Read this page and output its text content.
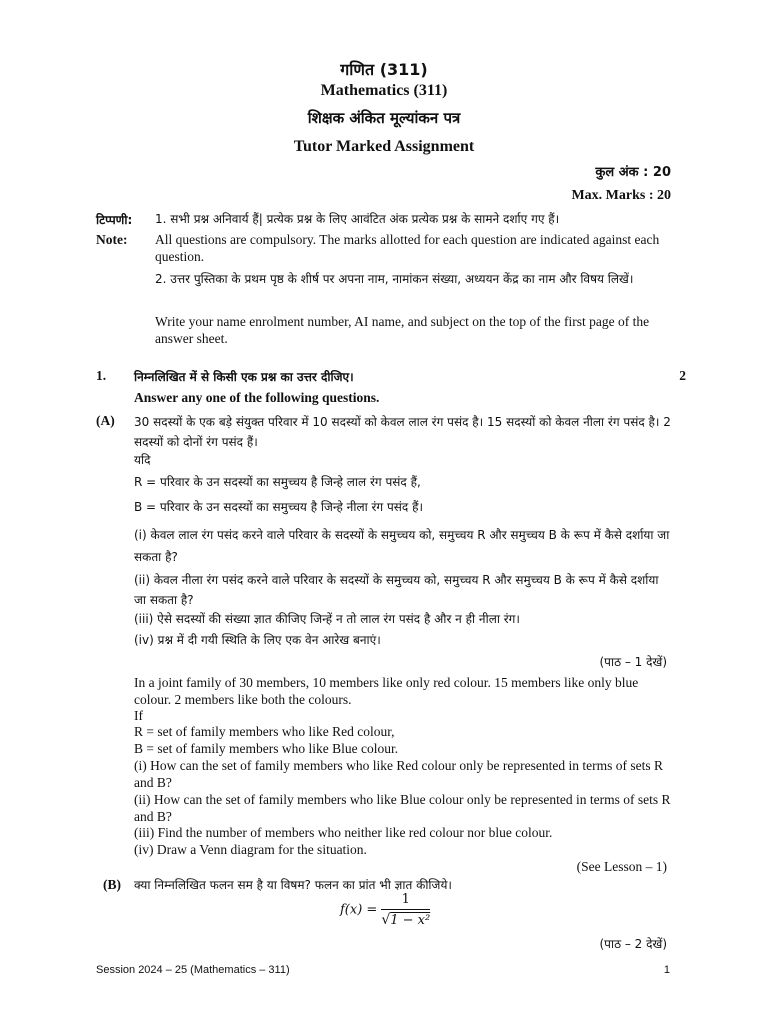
गणित (311)
Mathematics (311)
शिक्षक अंकित मूल्यांकन पत्र
Tutor Marked Assignment
कुल अंक : 20
Max. Marks : 20
टिप्पणी: 1. सभी प्रश्न अनिवार्य हैं| प्रत्येक प्रश्न के लिए आवंटित अंक प्रत्येक प्रश्न के सामने दर्शाए गए हैं।
Note: All questions are compulsory. The marks allotted for each question are indicated against each question.
2. उत्तर पुस्तिका के प्रथम पृष्ठ के शीर्ष पर अपना नाम, नामांकन संख्या, अध्ययन केंद्र का नाम और विषय लिखें।
Write your name enrolment number, AI name, and subject on the top of the first page of the answer sheet.
1. निम्नलिखित में से किसी एक प्रश्न का उत्तर दीजिए।	2
Answer any one of the following questions.
(A) 30 सदस्यों के एक बड़े संयुक्त परिवार में 10 सदस्यों को केवल लाल रंग पसंद है। 15 सदस्यों को केवल नीला रंग पसंद है। 2 सदस्यों को दोनों रंग पसंद हैं।
यदि
R = परिवार के उन सदस्यों का समुच्चय है जिन्हे लाल रंग पसंद हैं,
B = परिवार के उन सदस्यों का समुच्चय है जिन्हे नीला रंग पसंद हैं।
(i) केवल लाल रंग पसंद करने वाले परिवार के सदस्यों के समुच्चय को, समुच्चय R और समुच्चय B के रूप में कैसे दर्शाया जा सकता है?
(ii) केवल नीला रंग पसंद करने वाले परिवार के सदस्यों के समुच्चय को, समुच्चय R और समुच्चय B के रूप में कैसे दर्शाया जा सकता है?
(iii) ऐसे सदस्यों की संख्या ज्ञात कीजिए जिन्हें न तो लाल रंग पसंद है और न ही नीला रंग।
(iv) प्रश्न में दी गयी स्थिति के लिए एक वेन आरेख बनाएं।
(पाठ – 1 देखें)
In a joint family of 30 members, 10 members like only red colour. 15 members like only blue colour. 2 members like both the colours.
If
R = set of family members who like Red colour,
B = set of family members who like Blue colour.
(i) How can the set of family members who like Red colour only be represented in terms of sets R and B?
(ii) How can the set of family members who like Blue colour only be represented in terms of sets R and B?
(iii) Find the number of members who neither like red colour nor blue colour.
(iv) Draw a Venn diagram for the situation.
(See Lesson – 1)
(B) क्या निम्नलिखित फलन सम है या विषम? फलन का प्रांत भी ज्ञात कीजिये।
$f(x) = \frac{1}{\text{√1 − x²}}$
(पाठ – 2 देखें)
Session 2024 – 25 (Mathematics – 311)	1
